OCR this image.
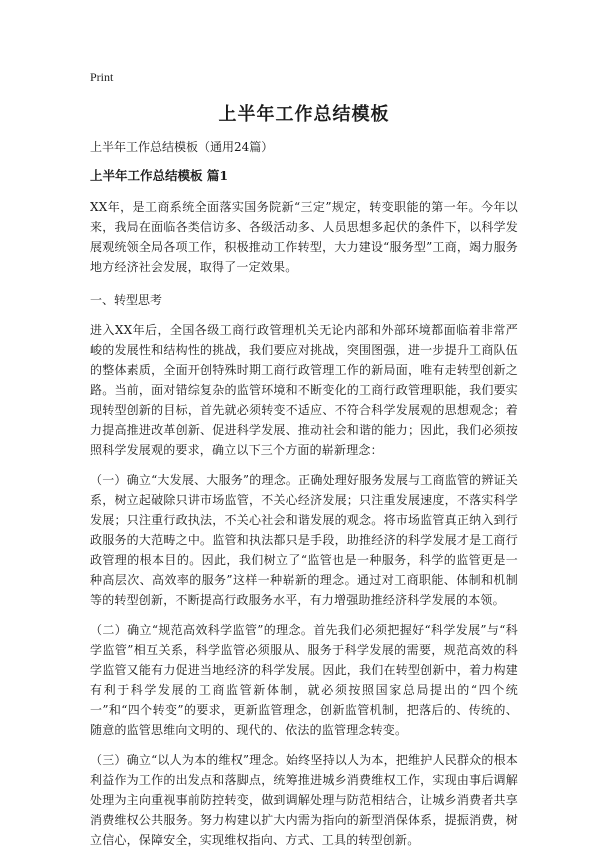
Print

上半年工作总结模板

上半年工作总结模板（通用24篇）

上半年工作总结模板 篇1

XX年，是工商系统全面落实国务院新“三定”规定，转变职能的第一年。今年以来，我局在面临各类信访多、各级活动多、人员思想多起伏的条件下，以科学发展观统领全局各项工作，积极推动工作转型，大力建设“服务型”工商，竭力服务地方经济社会发展，取得了一定效果。

一、转型思考

进入XX年后，全国各级工商行政管理机关无论内部和外部环境都面临着非常严峻的发展性和结构性的挑战，我们要应对挑战，突围图强，进一步提升工商队伍的整体素质，全面开创特殊时期工商行政管理工作的新局面，唯有走转型创新之路。当前，面对错综复杂的监管环境和不断变化的工商行政管理职能，我们要实现转型创新的目标，首先就必须转变不适应、不符合科学发展观的思想观念；着力提高推进改革创新、促进科学发展、推动社会和谐的能力；因此，我们必须按照科学发展观的要求，确立以下三个方面的崭新理念：

（一）确立“大发展、大服务”的理念。正确处理好服务发展与工商监管的辨证关系，树立起破除只讲市场监管，不关心经济发展；只注重发展速度，不落实科学发展；只注重行政执法，不关心社会和谐发展的观念。将市场监管真正纳入到行政服务的大范畴之中。监管和执法都只是手段，助推经济的科学发展才是工商行政管理的根本目的。因此，我们树立了“监管也是一种服务，科学的监管更是一种高层次、高效率的服务”这样一种崭新的理念。通过对工商职能、体制和机制等的转型创新，不断提高行政服务水平，有力增强助推经济科学发展的本领。

（二）确立“规范高效科学监管”的理念。首先我们必须把握好“科学发展”与“科学监管”相互关系，科学监管必须服从、服务于科学发展的需要，规范高效的科学监管又能有力促进当地经济的科学发展。因此，我们在转型创新中，着力构建有利于科学发展的工商监管新体制，就必须按照国家总局提出的“四个统一”和“四个转变”的要求，更新监管理念，创新监管机制，把落后的、传统的、随意的监管思维向文明的、现代的、依法的监管理念转变。

（三）确立“以人为本的维权”理念。始终坚持以人为本，把维护人民群众的根本利益作为工作的出发点和落脚点，统筹推进城乡消费维权工作，实现由事后调解处理为主向重视事前防控转变，做到调解处理与防范相结合，让城乡消费者共享消费维权公共服务。努力构建以扩大内需为指向的新型消保体系，提振消费，树立信心，保障安全，实现维权指向、方式、工具的转型创新。
